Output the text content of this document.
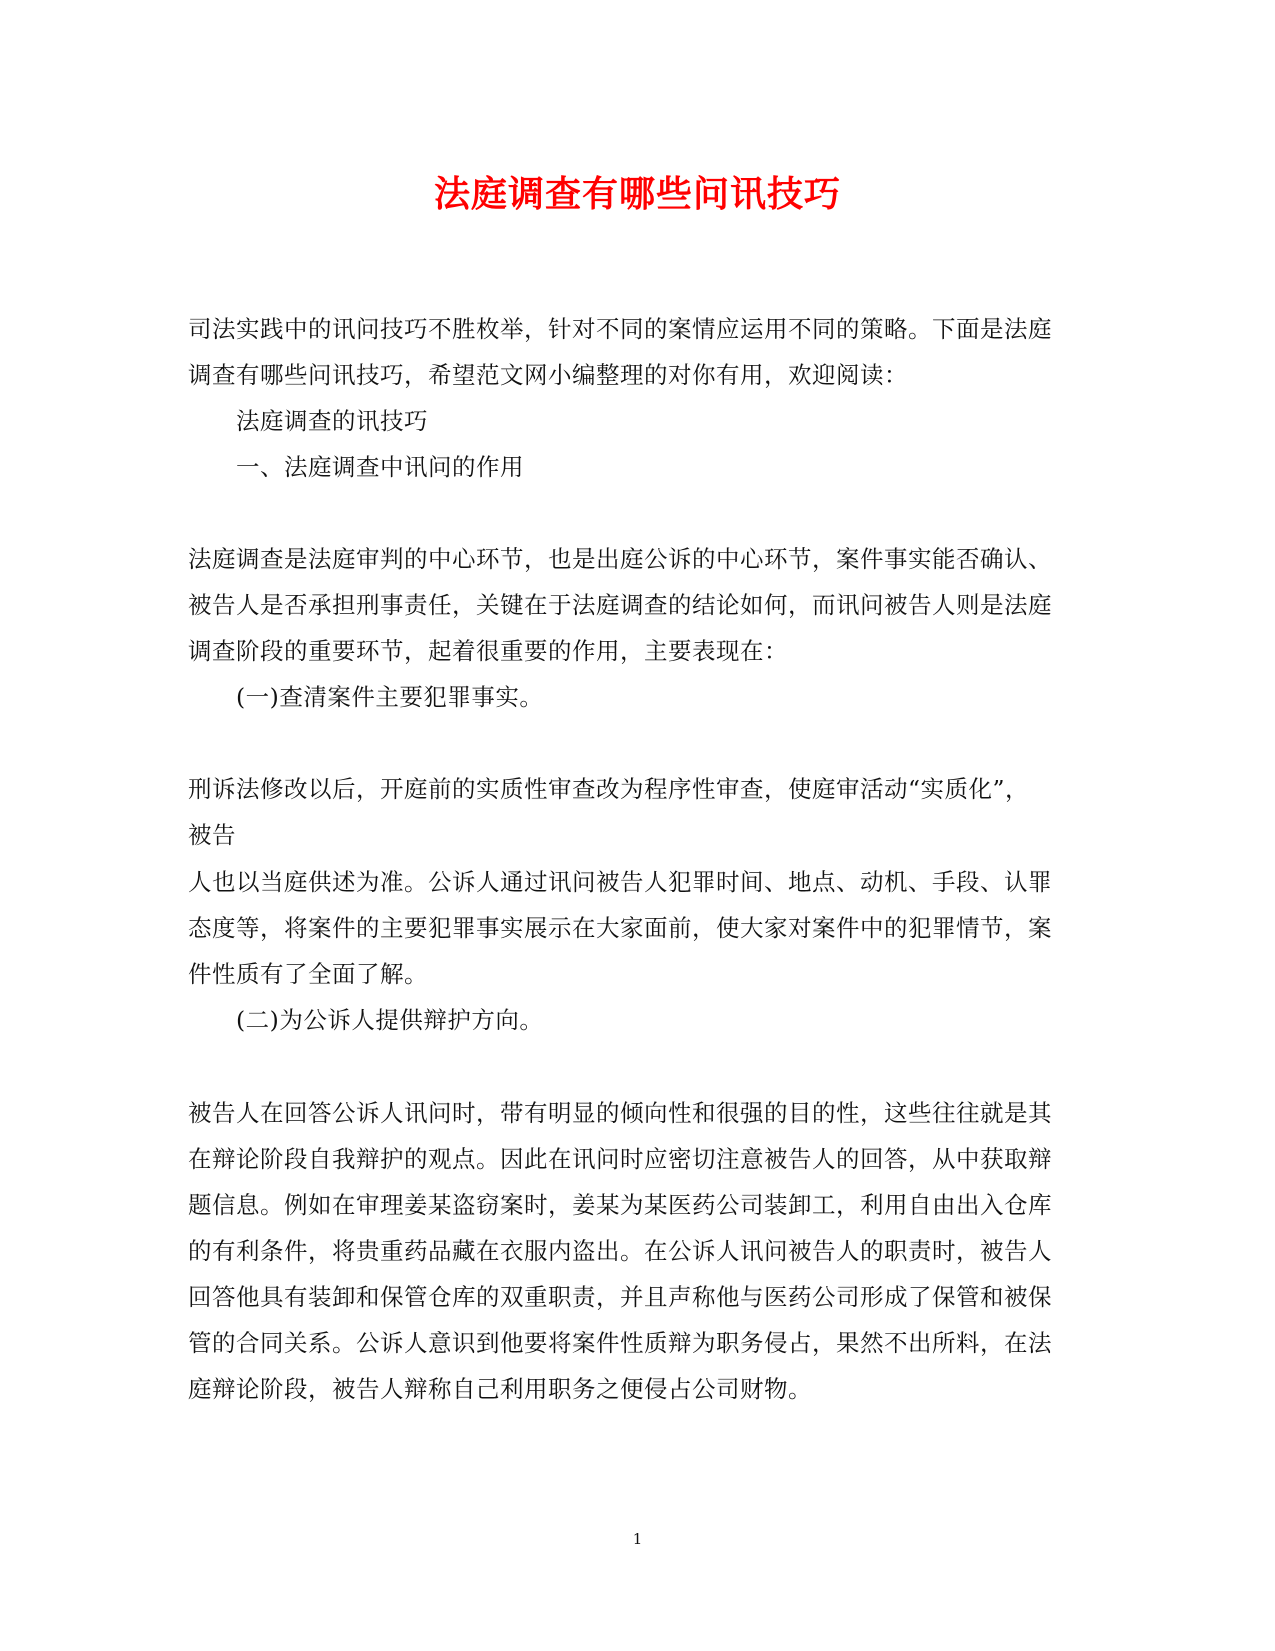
法庭调查有哪些问讯技巧
司法实践中的讯问技巧不胜枚举，针对不同的案情应运用不同的策略。下面是法庭
调查有哪些问讯技巧，希望范文网小编整理的对你有用，欢迎阅读：
法庭调查的讯技巧
一、法庭调查中讯问的作用
法庭调查是法庭审判的中心环节，也是出庭公诉的中心环节，案件事实能否确认、
被告人是否承担刑事责任，关键在于法庭调查的结论如何，而讯问被告人则是法庭
调查阶段的重要环节，起着很重要的作用，主要表现在：
(一)查清案件主要犯罪事实。
刑诉法修改以后，开庭前的实质性审查改为程序性审查，使庭审活动“实质化”，
被告
人也以当庭供述为准。公诉人通过讯问被告人犯罪时间、地点、动机、手段、认罪
态度等，将案件的主要犯罪事实展示在大家面前，使大家对案件中的犯罪情节，案
件性质有了全面了解。
(二)为公诉人提供辩护方向。
被告人在回答公诉人讯问时，带有明显的倾向性和很强的目的性，这些往往就是其
在辩论阶段自我辩护的观点。因此在讯问时应密切注意被告人的回答，从中获取辩
题信息。例如在审理姜某盗窃案时，姜某为某医药公司装卸工，利用自由出入仓库
的有利条件，将贵重药品藏在衣服内盗出。在公诉人讯问被告人的职责时，被告人
回答他具有装卸和保管仓库的双重职责，并且声称他与医药公司形成了保管和被保
管的合同关系。公诉人意识到他要将案件性质辩为职务侵占，果然不出所料，在法
庭辩论阶段，被告人辩称自己利用职务之便侵占公司财物。
1
